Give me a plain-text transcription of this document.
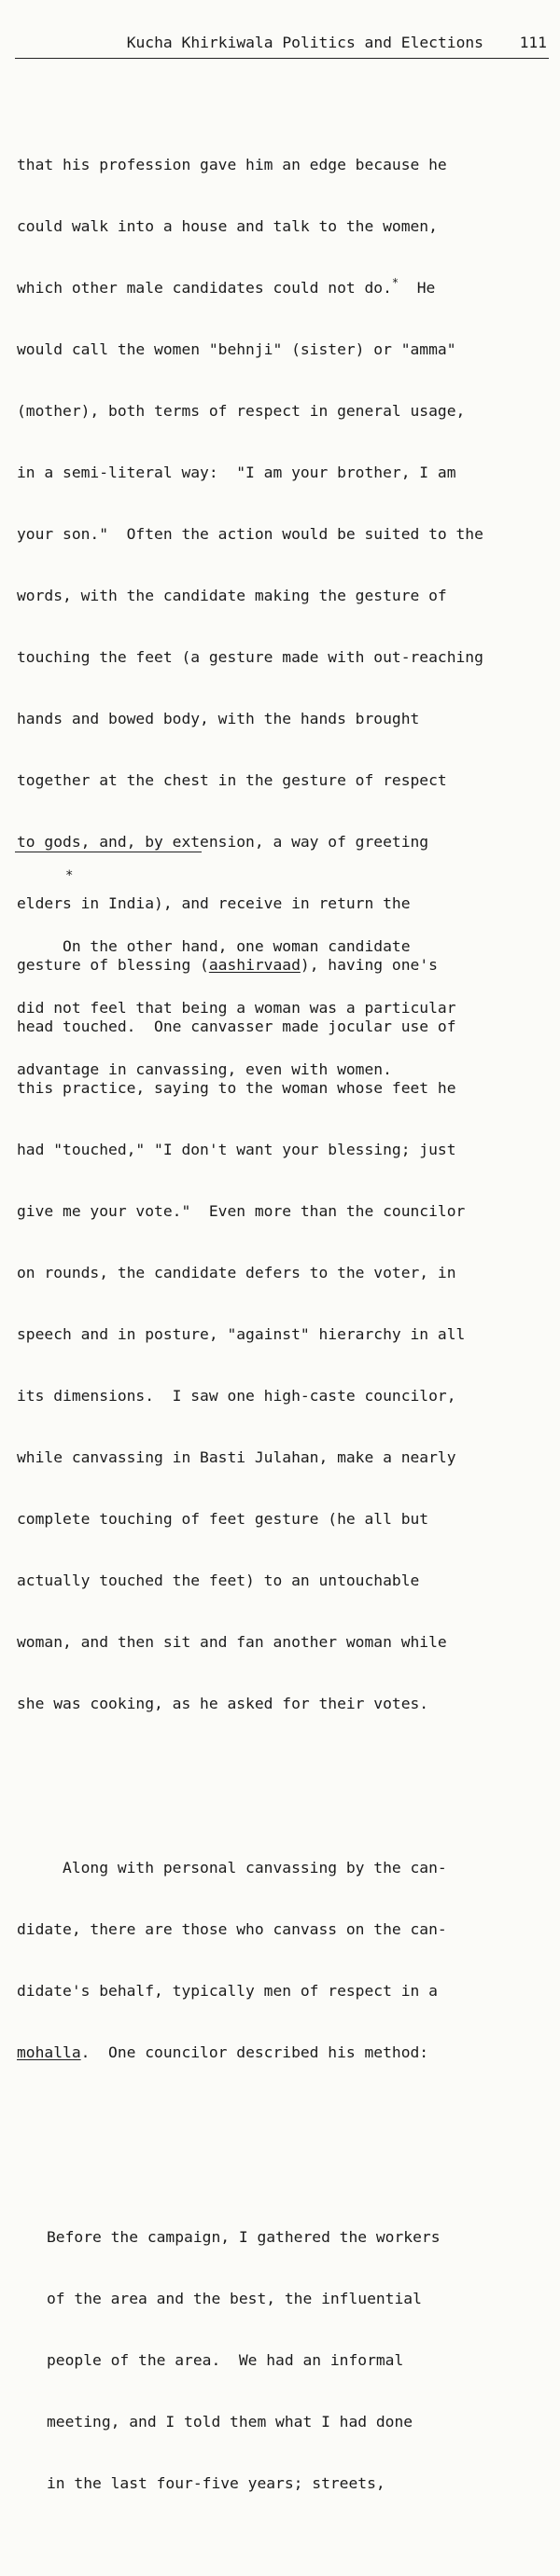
Kucha Khirkiwala Politics and Elections 111

that his profession gave him an edge because he

could walk into a house and talk to the women,

which other male candidates could not do.*  He

would call the women "behnji" (sister) or "amma"

(mother), both terms of respect in general usage,

in a semi-literal way:  "I am your brother, I am

your son."  Often the action would be suited to the

words, with the candidate making the gesture of

touching the feet (a gesture made with out-reaching

hands and bowed body, with the hands brought

together at the chest in the gesture of respect

to gods, and, by extension, a way of greeting

elders in India), and receive in return the

gesture of blessing (aashirvaad), having one's

head touched.  One canvasser made jocular use of

this practice, saying to the woman whose feet he

had "touched," "I don't want your blessing; just

give me your vote."  Even more than the councilor

on rounds, the candidate defers to the voter, in

speech and in posture, "against" hierarchy in all

its dimensions.  I saw one high-caste councilor,

while canvassing in Basti Julahan, make a nearly

complete touching of feet gesture (he all but

actually touched the feet) to an untouchable

woman, and then sit and fan another woman while

she was cooking, as he asked for their votes.

Along with personal canvassing by the can-

didate, there are those who canvass on the can-

didate's behalf, typically men of respect in a

mohalla.  One councilor described his method:

Before the campaign, I gathered the workers

of the area and the best, the influential

people of the area.  We had an informal

meeting, and I told them what I had done

in the last four-five years; streets,

*

On the other hand, one woman candidate

did not feel that being a woman was a particular

advantage in canvassing, even with women.
